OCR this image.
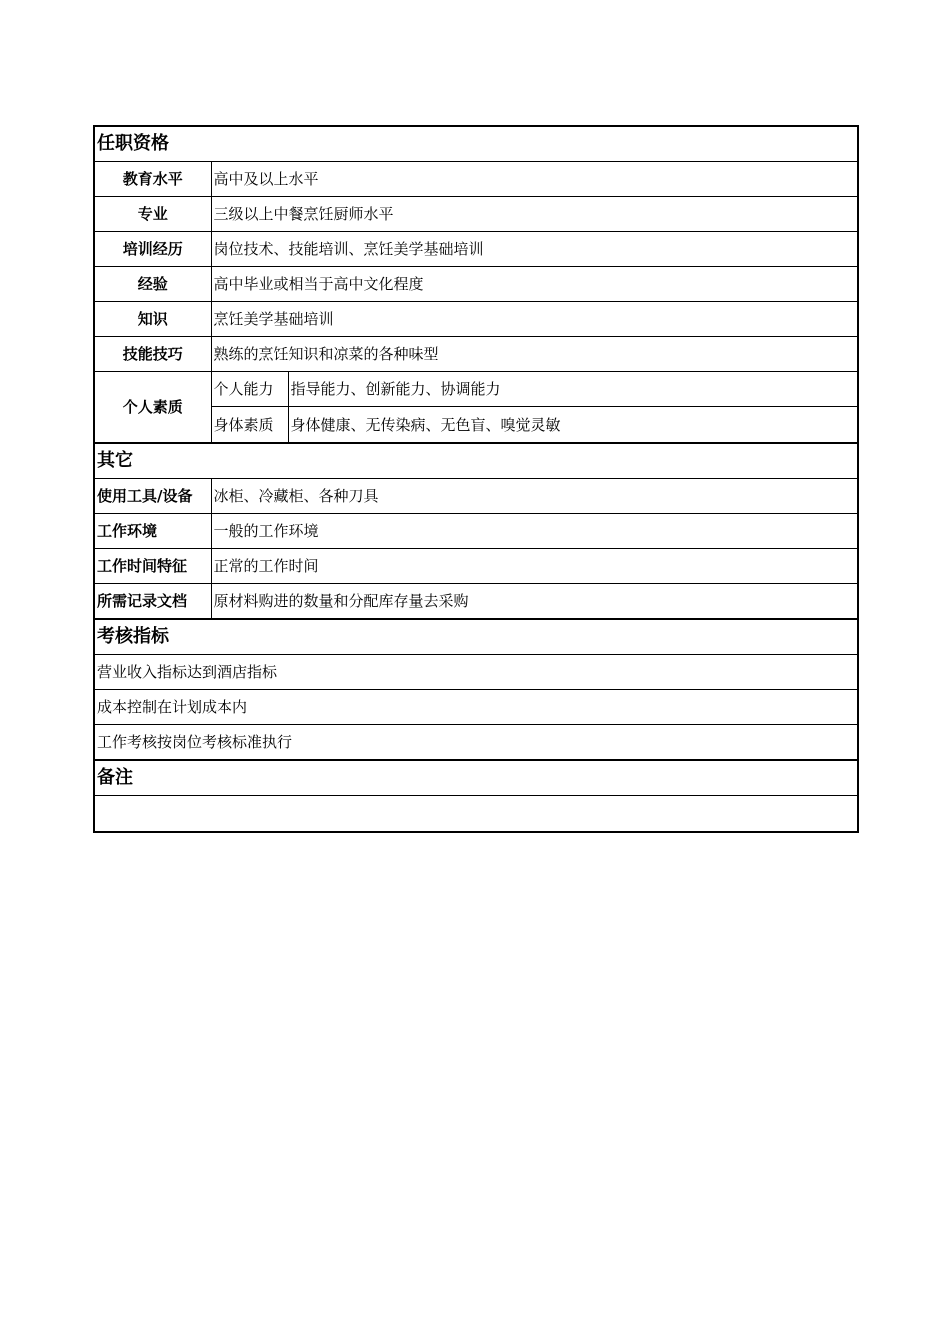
任职资格		
教育水平	高中及以上水平	
专业	三级以上中餐烹饪厨师水平	
培训经历	岗位技术、技能培训、烹饪美学基础培训	
经验	高中毕业或相当于高中文化程度	
知识	烹饪美学基础培训	
技能技巧	熟练的烹饪知识和凉菜的各种味型	
个人素质	个人能力	指导能力、创新能力、协调能力
	身体素质	身体健康、无传染病、无色盲、嗅觉灵敏
其它		
使用工具/设备	冰柜、冷藏柜、各种刀具	
工作环境	一般的工作环境	
工作时间特征	正常的工作时间	
所需记录文档	原材料购进的数量和分配库存量去采购	
考核指标		
营业收入指标达到酒店指标		
成本控制在计划成本内		
工作考核按岗位考核标准执行		
备注		
